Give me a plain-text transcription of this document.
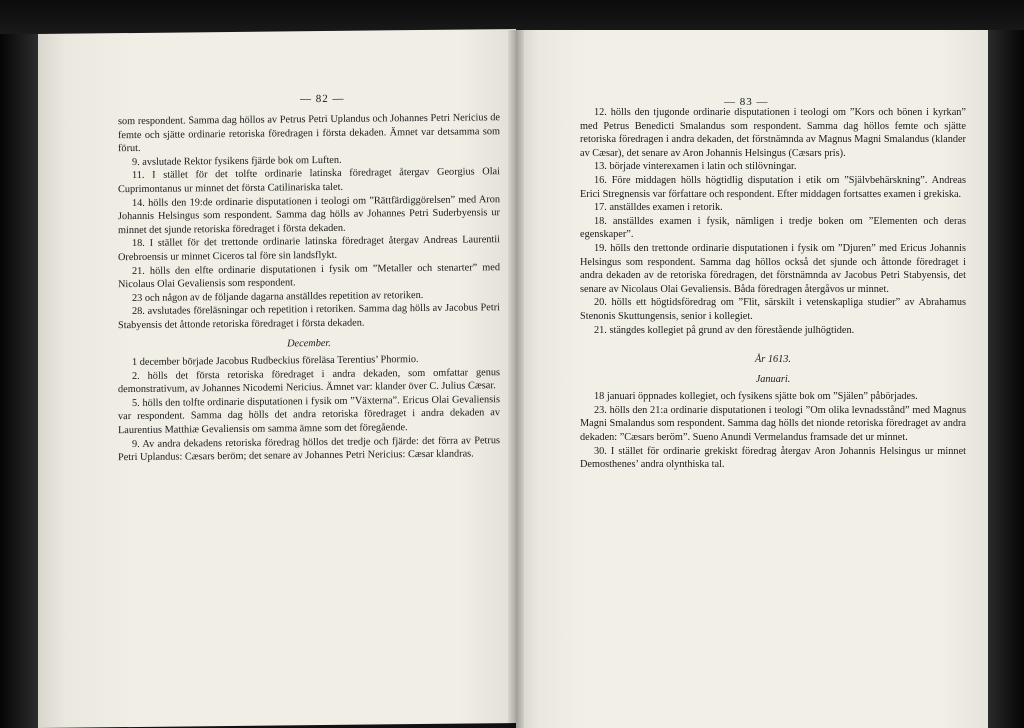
— 82 —

som respondent. Samma dag höllos av Petrus Petri Uplandus och Johannes Petri Nericius de femte och sjätte ordinarie retoriska föredragen i första dekaden. Ämnet var detsamma som förut.

9. avslutade Rektor fysikens fjärde bok om Luften.

11. I stället för det tolfte ordinarie latinska föredraget återgav Georgius Olai Cuprimontanus ur minnet det första Catilinariska talet.

14. hölls den 19:de ordinarie disputationen i teologi om ”Rättfärdiggörelsen” med Aron Johannis Helsingus som respondent. Samma dag hölls av Johannes Petri Suderbyensis ur minnet det sjunde retoriska föredraget i första dekaden.

18. I stället för det trettonde ordinarie latinska föredraget återgav Andreas Laurentii Orebroensis ur minnet Ciceros tal före sin landsflykt.

21. hölls den elfte ordinarie disputationen i fysik om ”Metaller och stenarter” med Nicolaus Olai Gevaliensis som respondent.

23 och någon av de följande dagarna anställdes repetition av retoriken.

28. avslutades föreläsningar och repetition i retoriken. Samma dag hölls av Jacobus Petri Stabyensis det åttonde retoriska föredraget i första dekaden.

December.

1 december började Jacobus Rudbeckius föreläsa Terentius’ Phormio.

2. hölls det första retoriska föredraget i andra dekaden, som omfattar genus demonstrativum, av Johannes Nicodemi Nericius. Ämnet var: klander över C. Julius Cæsar.

5. hölls den tolfte ordinarie disputationen i fysik om ”Växterna”. Ericus Olai Gevaliensis var respondent. Samma dag hölls det andra retoriska föredraget i andra dekaden av Laurentius Matthiæ Gevaliensis om samma ämne som det föregående.

9. Av andra dekadens retoriska föredrag höllos det tredje och fjärde: det förra av Petrus Petri Uplandus: Cæsars beröm; det senare av Johannes Petri Nericius: Cæsar klandras.

— 83 —

12. hölls den tjugonde ordinarie disputationen i teologi om ”Kors och bönen i kyrkan” med Petrus Benedicti Smalandus som respondent. Samma dag höllos femte och sjätte retoriska föredragen i andra dekaden, det förstnämnda av Magnus Magni Smalandus (klander av Cæsar), det senare av Aron Johannis Helsingus (Cæsars pris).

13. började vinterexamen i latin och stilövningar.

16. Före middagen hölls högtidlig disputation i etik om ”Självbehärskning”. Andreas Erici Stregnensis var författare och respondent. Efter middagen fortsattes examen i grekiska.

17. anställdes examen i retorik.

18. anställdes examen i fysik, nämligen i tredje boken om ”Elementen och deras egenskaper”.

19. hölls den trettonde ordinarie disputationen i fysik om ”Djuren” med Ericus Johannis Helsingus som respondent. Samma dag höllos också det sjunde och åttonde föredraget i andra dekaden av de retoriska föredragen, det förstnämnda av Jacobus Petri Stabyensis, det senare av Nicolaus Olai Gevaliensis. Båda föredragen återgåvos ur minnet.

20. hölls ett högtidsföredrag om ”Flit, särskilt i vetenskapliga studier” av Abrahamus Stenonis Skuttungensis, senior i kollegiet.

21. stängdes kollegiet på grund av den förestående julhögtiden.

År 1613.

Januari.

18 januari öppnades kollegiet, och fysikens sjätte bok om ”Själen” påbörjades.

23. hölls den 21:a ordinarie disputationen i teologi ”Om olika levnadsstånd” med Magnus Magni Smalandus som respondent. Samma dag hölls det nionde retoriska föredraget av andra dekaden: ”Cæsars beröm”. Sueno Anundi Vermelandus framsade det ur minnet.

30. I stället för ordinarie grekiskt föredrag återgav Aron Johannis Helsingus ur minnet Demosthenes’ andra olynthiska tal.
